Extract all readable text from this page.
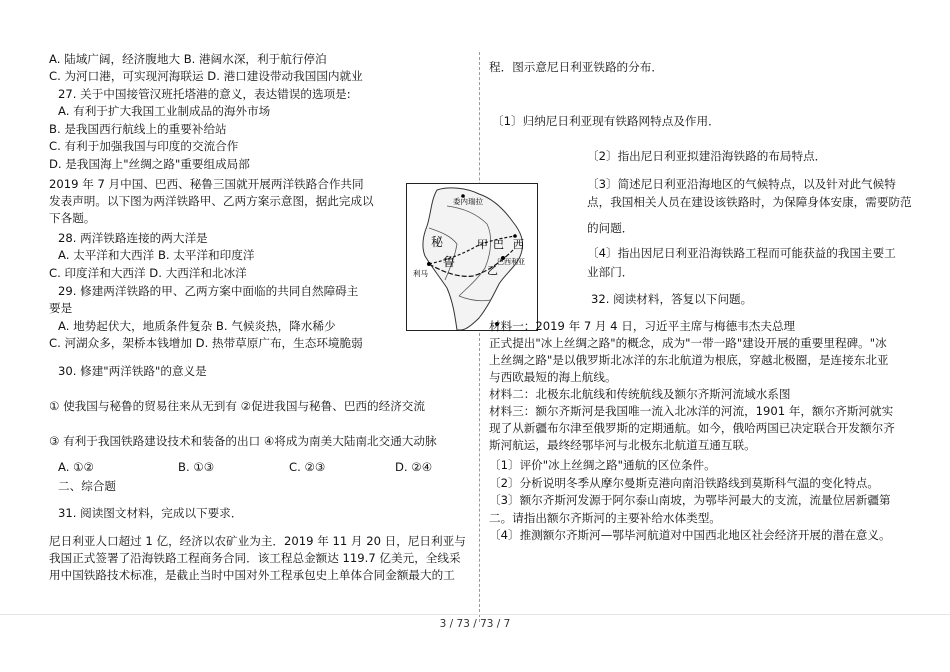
A. 陆域广阔，经济腹地大 B. 港阔水深，利于航行停泊
C. 为河口港，可实现河海联运 D. 港口建设带动我国国内就业
27. 关于中国接管汉班托塔港的意义，表达错误的选项是:
A. 有利于扩大我国工业制成品的海外市场
B. 是我国西行航线上的重要补给站
C. 有利于加强我国与印度的交流合作
D. 是我国海上"丝绸之路"重要组成局部
2019 年 7 月中国、巴西、秘鲁三国就开展两洋铁路合作共同
发表声明。以下图为两洋铁路甲、乙两方案示意图，据此完成以
下各题。
28. 两洋铁路连接的两大洋是
A. 太平洋和大西洋 B. 太平洋和印度洋
C. 印度洋和大西洋 D. 大西洋和北冰洋
29. 修建两洋铁路的甲、乙两方案中面临的共同自然障碍主
要是
A. 地势起伏大，地质条件复杂 B. 气候炎热，降水稀少
C. 河湖众多，架桥本钱增加 D. 热带草原广布，生态环境脆弱
30. 修建"两洋铁路"的意义是
① 使我国与秘鲁的贸易往来从无到有 ②促进我国与秘鲁、巴西的经济交流
③ 有利于我国铁路建设技术和装备的出口 ④将成为南美大陆南北交通大动脉
A. ①②	B. ①③	C. ②③	D. ②④
二、综合题
31. 阅读图文材料，完成以下要求．
尼日利亚人口超过 1 亿，经济以农矿业为主．2019 年 11 月 20 日，尼日利亚与
我国正式签署了沿海铁路工程商务合同．该工程总金额达 119.7 亿美元，全线采
用中国铁路技术标准，是截止当时中国对外工程承包史上单体合同金额最大的工
委内瑞拉
秘
鲁
利马
甲 巴 西
乙
巴西利亚
程．图示意尼日利亚铁路的分布．
〔1〕归纳尼日利亚现有铁路网特点及作用．
〔2〕指出尼日利亚拟建沿海铁路的布局特点．
〔3〕简述尼日利亚沿海地区的气候特点，以及针对此气候特
点，我国相关人员在建设该铁路时，为保障身体安康，需要防范
的问题．
〔4〕指出因尼日利亚沿海铁路工程而可能获益的我国主要工
业部门．
32. 阅读材料，答复以下问题。
材料一：2019 年 7 月 4 日，习近平主席与梅德韦杰夫总理
正式提出"冰上丝绸之路"的概念，成为"一带一路"建设开展的重要里程碑。"冰
上丝绸之路"是以俄罗斯北冰洋的东北航道为根底，穿越北极圈，是连接东北亚
与西欧最短的海上航线。
材料二：北极东北航线和传统航线及额尔齐斯河流域水系图
材料三：额尔齐斯河是我国唯一流入北冰洋的河流，1901 年，额尔齐斯河就实
现了从新疆布尔津至俄罗斯的定期通航。如今，俄哈两国已决定联合开发额尔齐
斯河航运，最终经鄂毕河与北极东北航道互通互联。
〔1〕评价"冰上丝绸之路"通航的区位条件。
〔2〕分析说明冬季从摩尔曼斯克港向南沿铁路线到莫斯科气温的变化特点。
〔3〕额尔齐斯河发源于阿尔泰山南坡，为鄂毕河最大的支流，流量位居新疆第
二。请指出额尔齐斯河的主要补给水体类型。
〔4〕推测额尔齐斯河—鄂毕河航道对中国西北地区社会经济开展的潜在意义。
3 / 73 / 73 / 7
